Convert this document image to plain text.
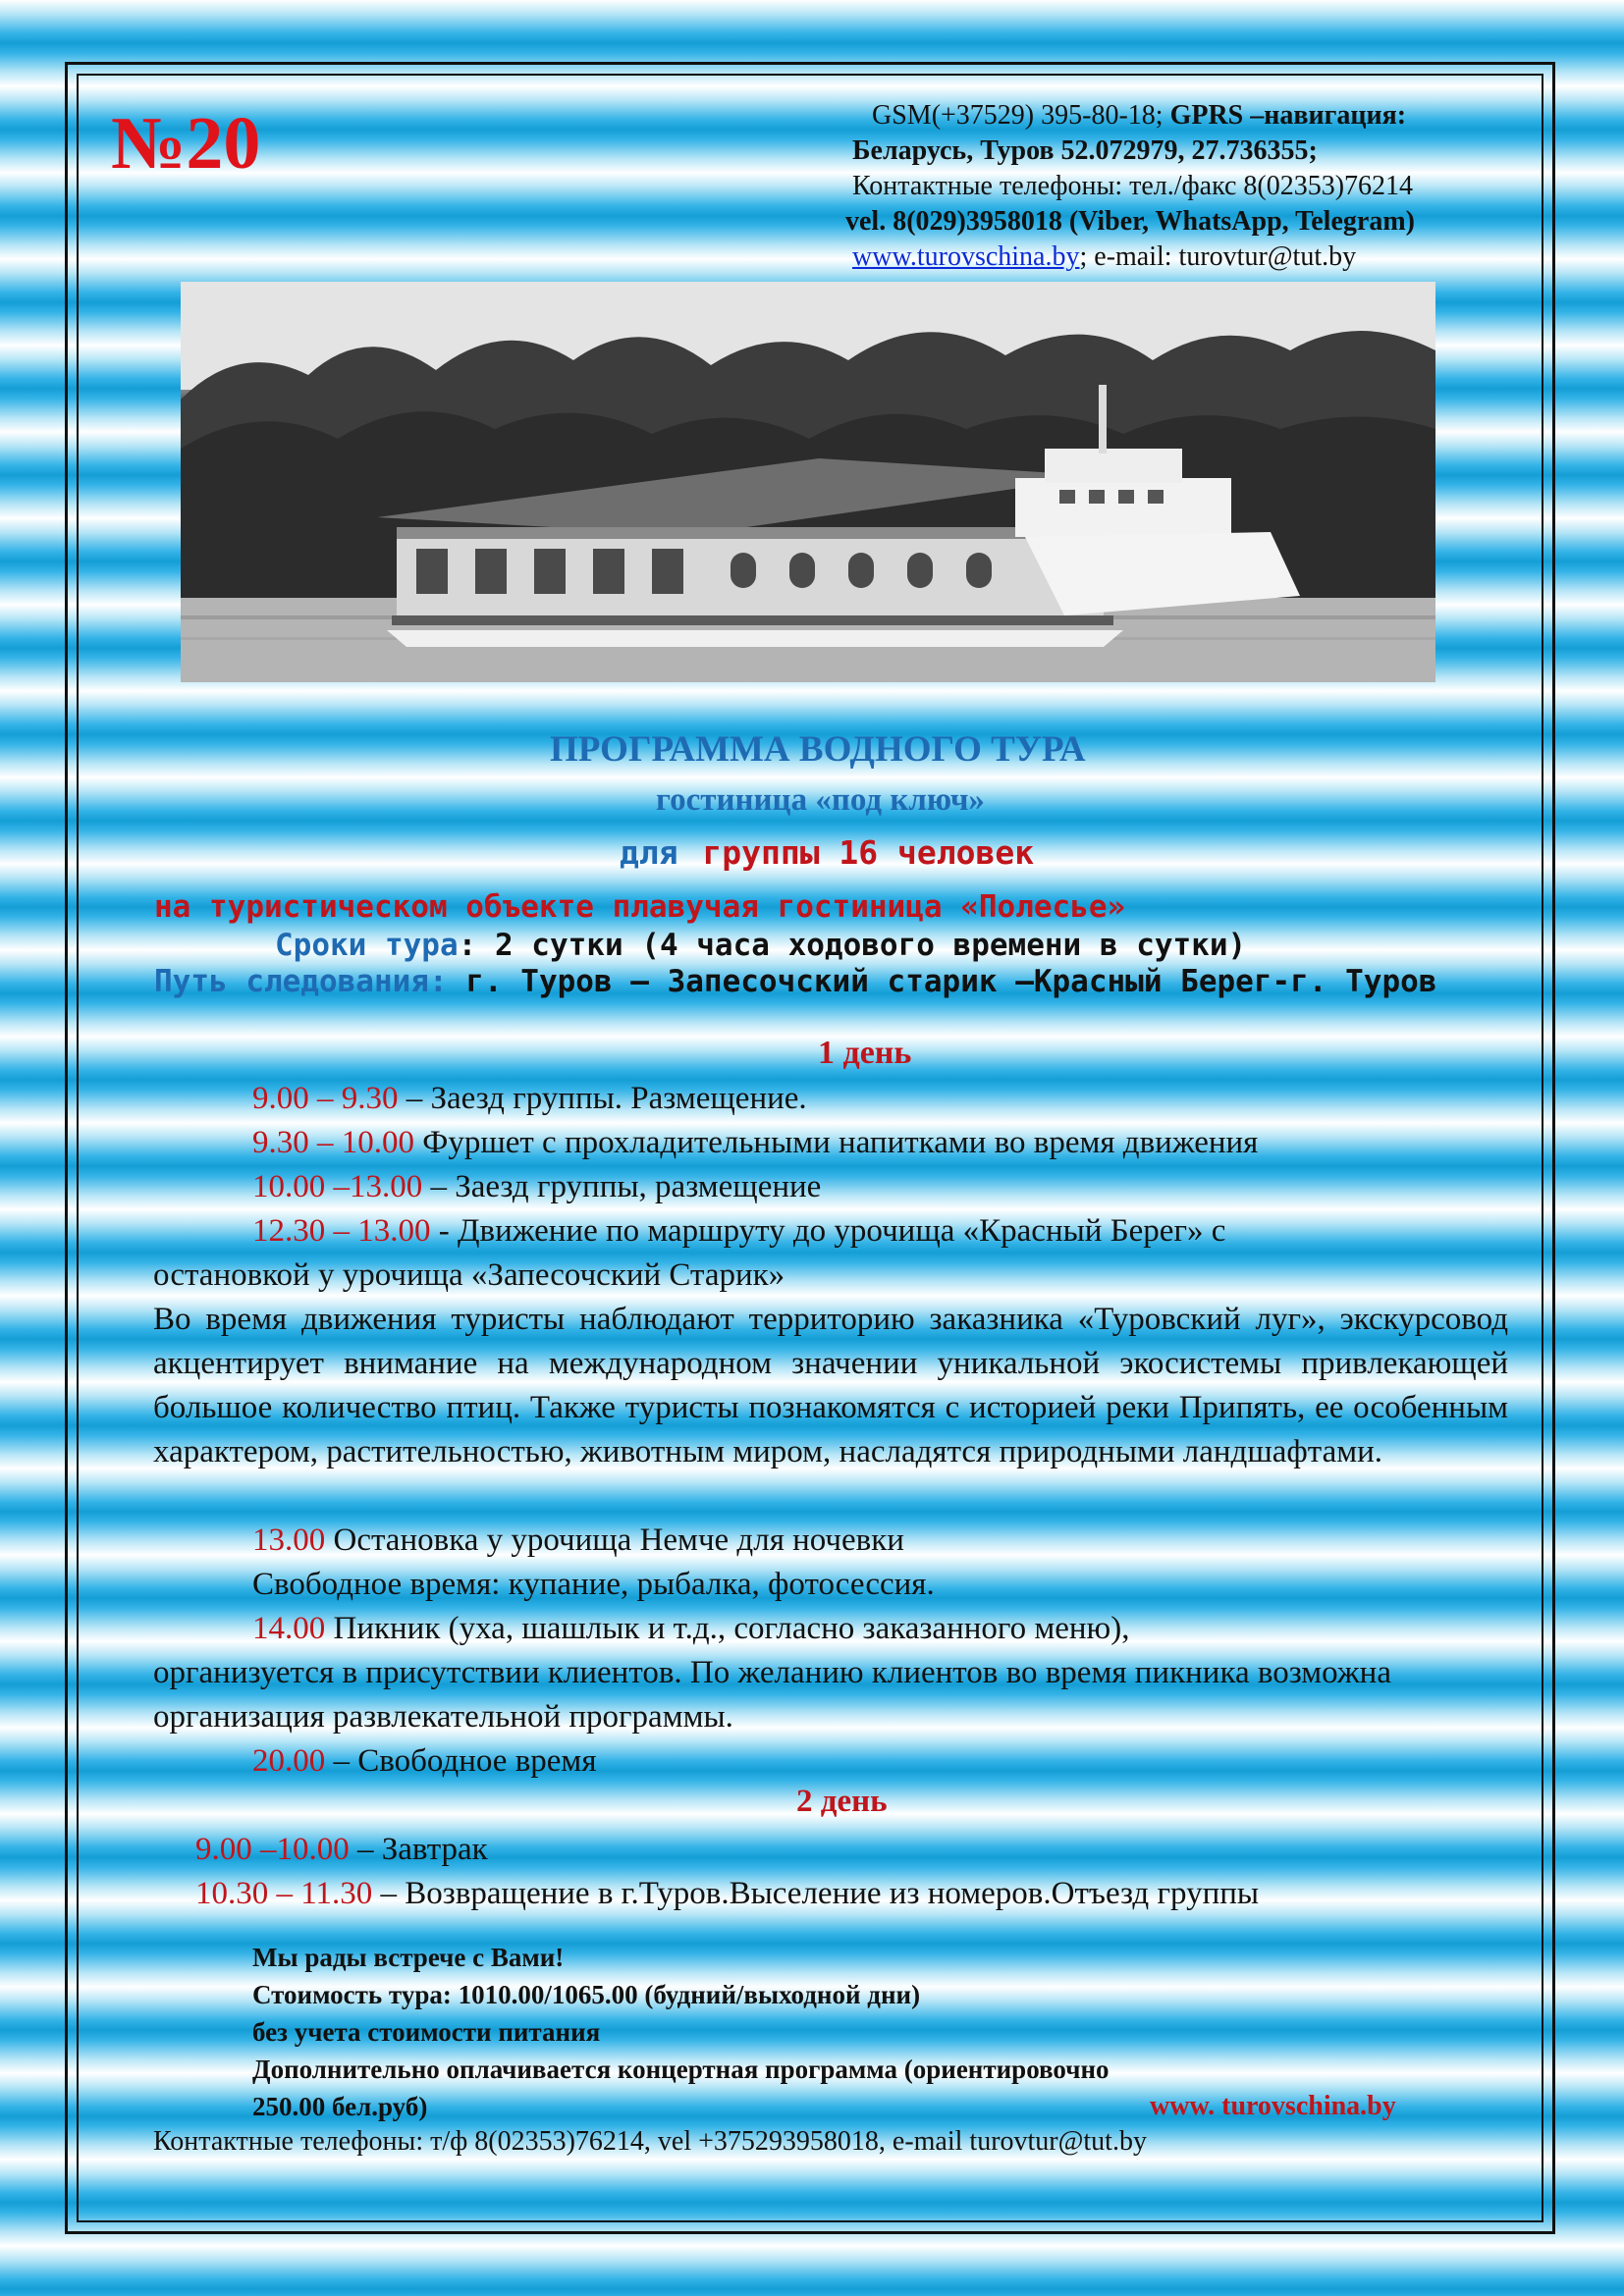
№20	GSM(+37529) 395-80-18; GPRS –навигация:
Беларусь, Туров 52.072979, 27.736355;
Контактные телефоны: тел./факс 8(02353)76214
vel. 8(029)3958018 (Viber, WhatsApp, Telegram)
www.turovschina.by; e-mail: turovtur@tut.by
ПРОГРАММА ВОДНОГО ТУРА
гостиница «под ключ»
для группы 16 человек
на туристическом объекте плавучая гостиница «Полесье»
Сроки тура: 2 сутки (4 часа ходового времени в сутки)
Путь следования: г. Туров – Запесочский старик –Красный Берег-г. Туров
1 день
9.00 – 9.30 – Заезд группы. Размещение.
9.30 – 10.00 Фуршет с прохладительными напитками во время движения
10.00 –13.00 – Заезд группы, размещение
12.30 – 13.00 - Движение по маршруту до урочища «Красный Берег» с
остановкой у урочища «Запесочский Старик»
Во время движения туристы наблюдают территорию заказника «Туровский луг», экскурсовод акцентирует внимание на международном значении уникальной экосистемы привлекающей большое количество птиц. Также туристы познакомятся с историей реки Припять, ее особенным характером, растительностью, животным миром, насладятся природными ландшафтами.
13.00 Остановка у урочища Немче для ночевки
Свободное время: купание, рыбалка, фотосессия.
14.00 Пикник (уха, шашлык и т.д., согласно заказанного меню),
организуется в присутствии клиентов. По желанию клиентов во время пикника возможна организация развлекательной программы.
20.00 – Свободное время
2 день
9.00 –10.00 – Завтрак
10.30 – 11.30 – Возвращение в г.Туров.Выселение из номеров.Отъезд группы
Мы рады встрече с Вами!
Стоимость тура: 1010.00/1065.00 (будний/выходной дни)
без учета стоимости питания
Дополнительно оплачивается концертная программа (ориентировочно
250.00 бел.руб)	www. turovschina.by
Контактные телефоны: т/ф 8(02353)76214, vel +375293958018, e-mail turovtur@tut.by
